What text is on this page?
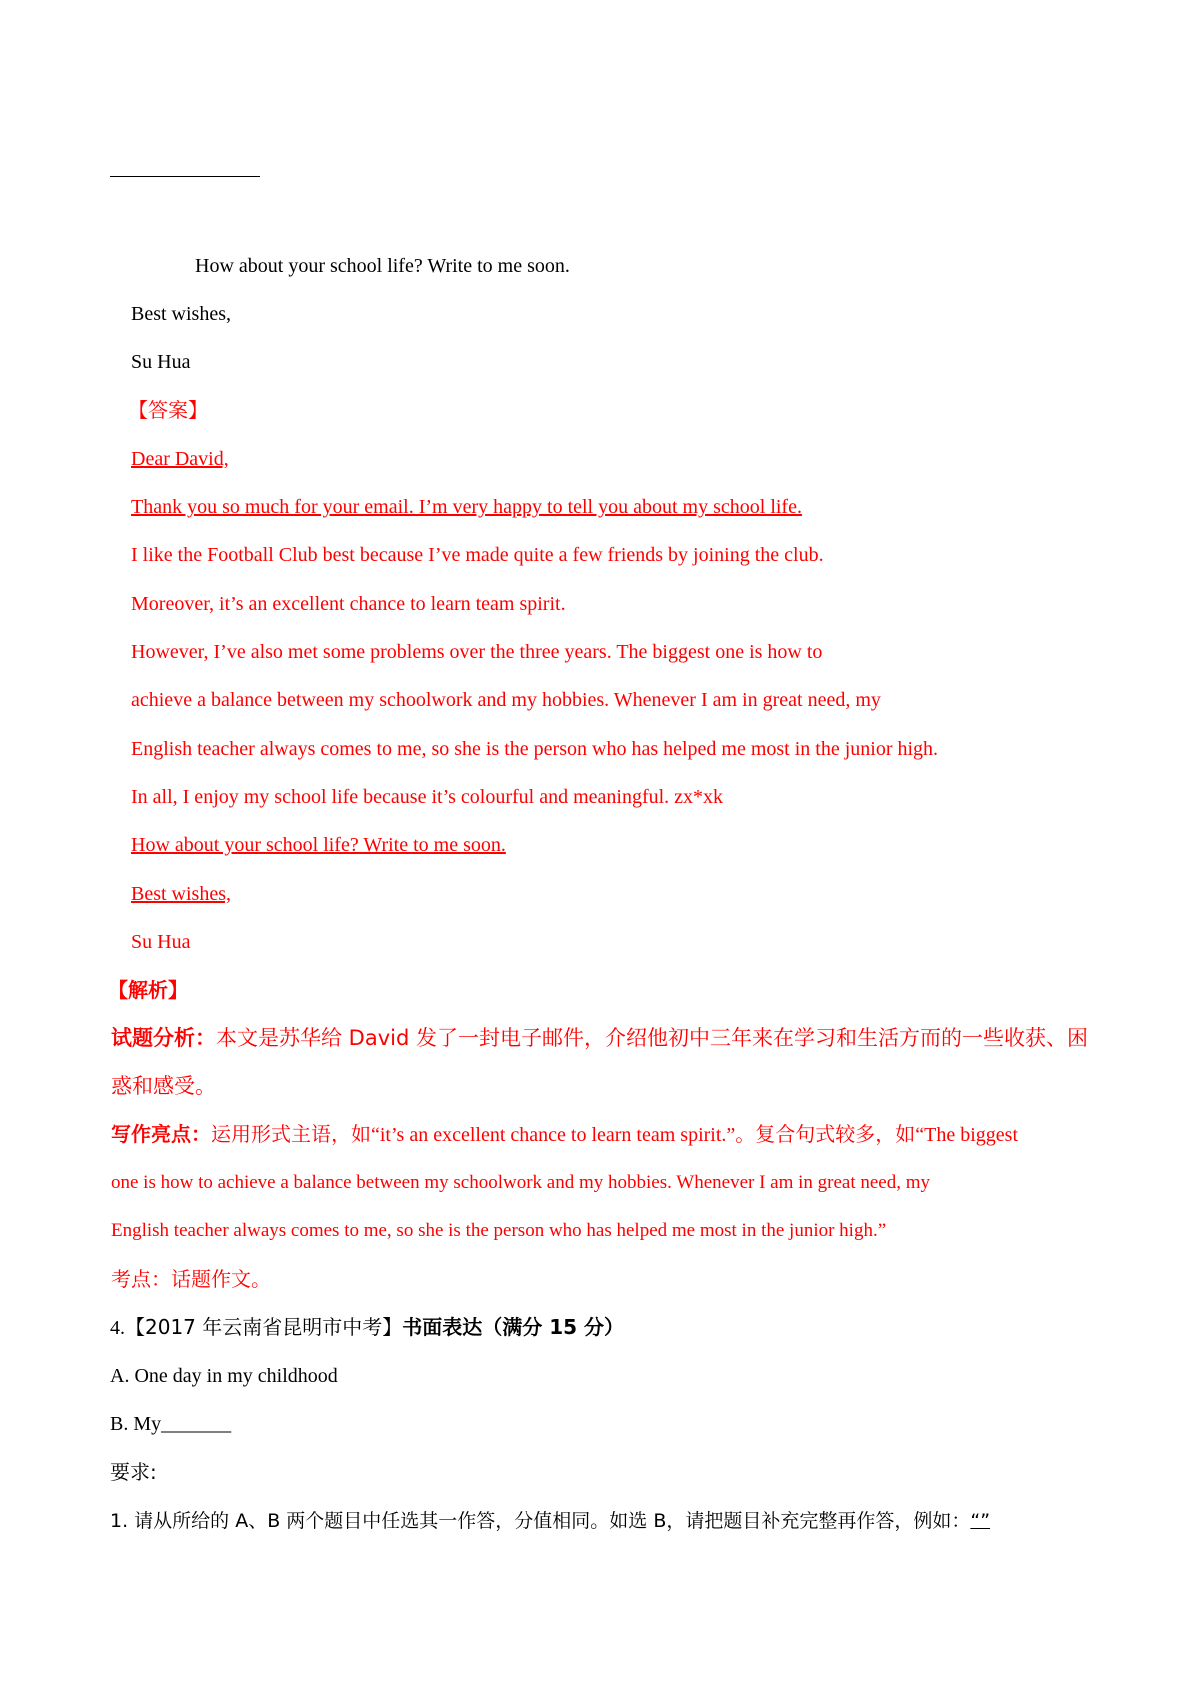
How about your school life? Write to me soon.
Best wishes,
Su Hua
【答案】
Dear David,
Thank you so much for your email. I’m very happy to tell you about my school life.
I like the Football Club best because I’ve made quite a few friends by joining the club.
Moreover, it’s an excellent chance to learn team spirit.
However, I’ve also met some problems over the three years. The biggest one is how to
achieve a balance between my schoolwork and my hobbies. Whenever I am in great need, my
English teacher always comes to me, so she is the person who has helped me most in the junior high.
In all, I enjoy my school life because it’s colourful and meaningful. zx*xk
How about your school life? Write to me soon.
Best wishes,
Su Hua
【解析】
试题分析：本文是苏华给 David 发了一封电子邮件，介绍他初中三年来在学习和生活方而的一些收获、困
惑和感受。
写作亮点：运用形式主语，如“it’s an excellent chance to learn team spirit.”。复合句式较多，如“The biggest
one is how to achieve a balance between my schoolwork and my hobbies. Whenever I am in great need, my
English teacher always comes to me, so she is the person who has helped me most in the junior high.”
考点：话题作文。
4.【2017 年云南省昆明市中考】书面表达（满分 15 分）
A. One day in my childhood
B. My_______
要求:
1. 请从所给的 A、B 两个题目中任选其一作答，分值相同。如选 B，请把题目补充完整再作答，例如：“”
